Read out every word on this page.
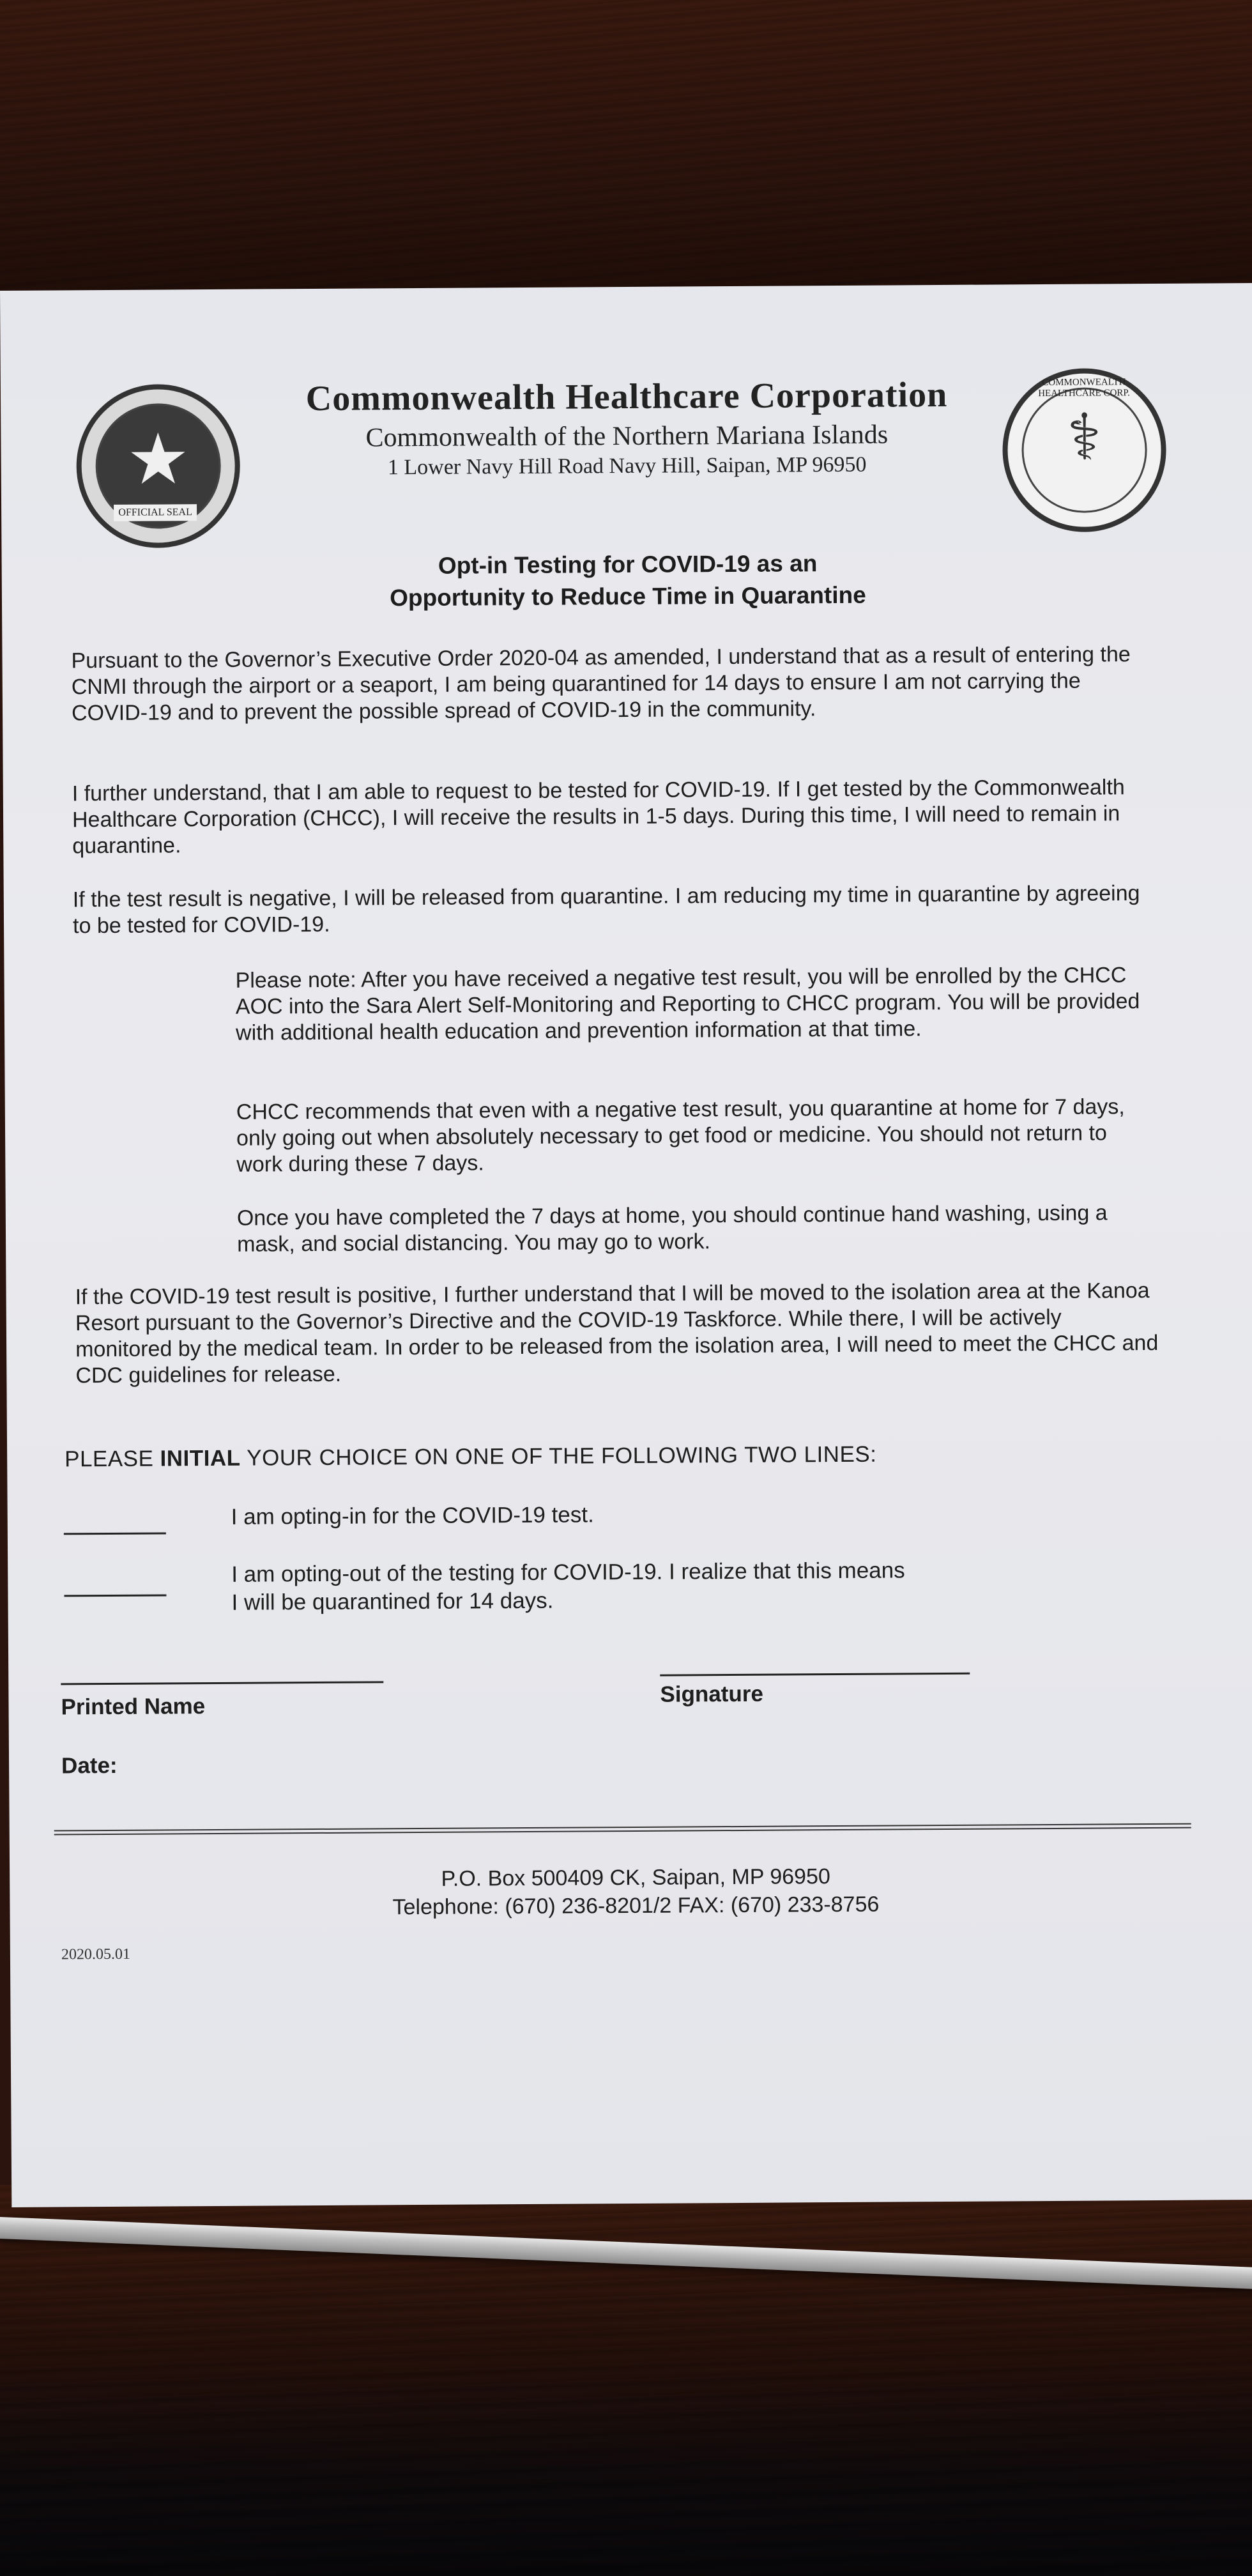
★
OFFICIAL SEAL
COMMONWEALTH HEALTHCARE CORP.
⚕
Commonwealth Healthcare Corporation
Commonwealth of the Northern Mariana Islands
1 Lower Navy Hill Road Navy Hill, Saipan, MP 96950
Opt-in Testing for COVID-19 as an
Opportunity to Reduce Time in Quarantine
Pursuant to the Governor’s Executive Order 2020-04 as amended, I understand that as a result of entering the CNMI through the airport or a seaport, I am being quarantined for 14 days to ensure I am not carrying the COVID-19 and to prevent the possible spread of COVID-19 in the community.
I further understand, that I am able to request to be tested for COVID-19. If I get tested by the Commonwealth Healthcare Corporation (CHCC), I will receive the results in 1-5 days. During this time, I will need to remain in quarantine.
If the test result is negative, I will be released from quarantine. I am reducing my time in quarantine by agreeing to be tested for COVID-19.
Please note: After you have received a negative test result, you will be enrolled by the CHCC AOC into the Sara Alert Self-Monitoring and Reporting to CHCC program. You will be provided with additional health education and prevention information at that time.
CHCC recommends that even with a negative test result, you quarantine at home for 7 days, only going out when absolutely necessary to get food or medicine. You should not return to work during these 7 days.
Once you have completed the 7 days at home, you should continue hand washing, using a mask, and social distancing. You may go to work.
If the COVID-19 test result is positive, I further understand that I will be moved to the isolation area at the Kanoa Resort pursuant to the Governor’s Directive and the COVID-19 Taskforce. While there, I will be actively monitored by the medical team. In order to be released from the isolation area, I will need to meet the CHCC and CDC guidelines for release.
PLEASE INITIAL YOUR CHOICE ON ONE OF THE FOLLOWING TWO LINES:
I am opting-in for the COVID-19 test.
I am opting-out of the testing for COVID-19. I realize that this means
I will be quarantined for 14 days.
Printed Name	Signature
Date:
P.O. Box 500409 CK, Saipan, MP 96950
Telephone: (670) 236-8201/2 FAX: (670) 233-8756
2020.05.01
